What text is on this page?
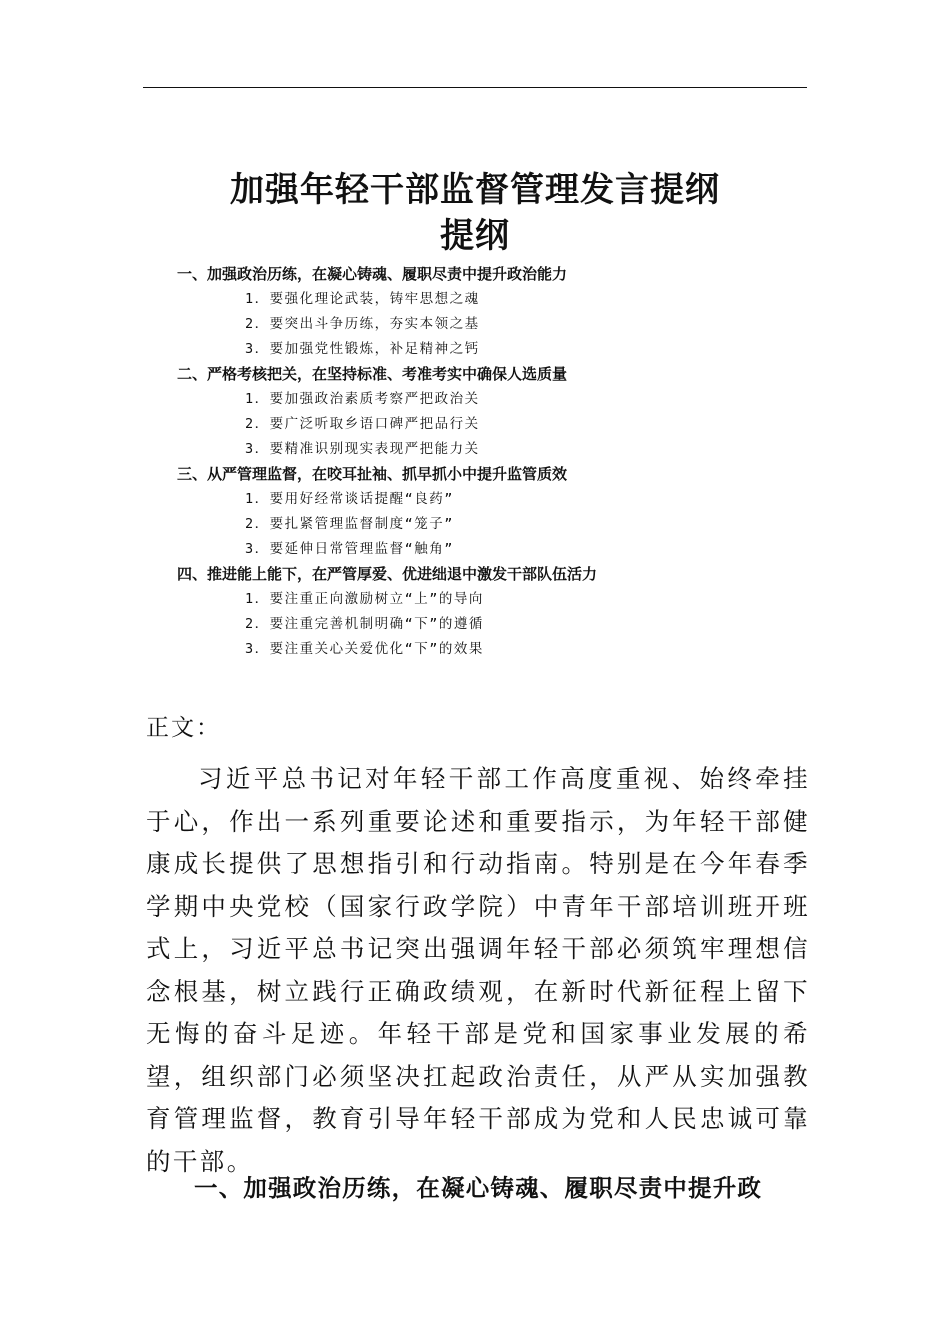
加强年轻干部监督管理发言提纲
提纲
一、加强政治历练，在凝心铸魂、履职尽责中提升政治能力
1．要强化理论武装，铸牢思想之魂
2．要突出斗争历练，夯实本领之基
3．要加强党性锻炼，补足精神之钙
二、严格考核把关，在坚持标准、考准考实中确保人选质量
1．要加强政治素质考察严把政治关
2．要广泛听取乡语口碑严把品行关
3．要精准识别现实表现严把能力关
三、从严管理监督，在咬耳扯袖、抓早抓小中提升监管质效
1．要用好经常谈话提醒“良药”
2．要扎紧管理监督制度“笼子”
3．要延伸日常管理监督“触角”
四、推进能上能下，在严管厚爱、优进绌退中激发干部队伍活力
1．要注重正向激励树立“上”的导向
2．要注重完善机制明确“下”的遵循
3．要注重关心关爱优化“下”的效果
正文：

习近平总书记对年轻干部工作高度重视、始终牵挂于心，作出一系列重要论述和重要指示，为年轻干部健康成长提供了思想指引和行动指南。特别是在今年春季学期中央党校（国家行政学院）中青年干部培训班开班式上，习近平总书记突出强调年轻干部必须筑牢理想信念根基，树立践行正确政绩观，在新时代新征程上留下无悔的奋斗足迹。年轻干部是党和国家事业发展的希望，组织部门必须坚决扛起政治责任，从严从实加强教育管理监督，教育引导年轻干部成为党和人民忠诚可靠的干部。

一、加强政治历练，在凝心铸魂、履职尽责中提升政
